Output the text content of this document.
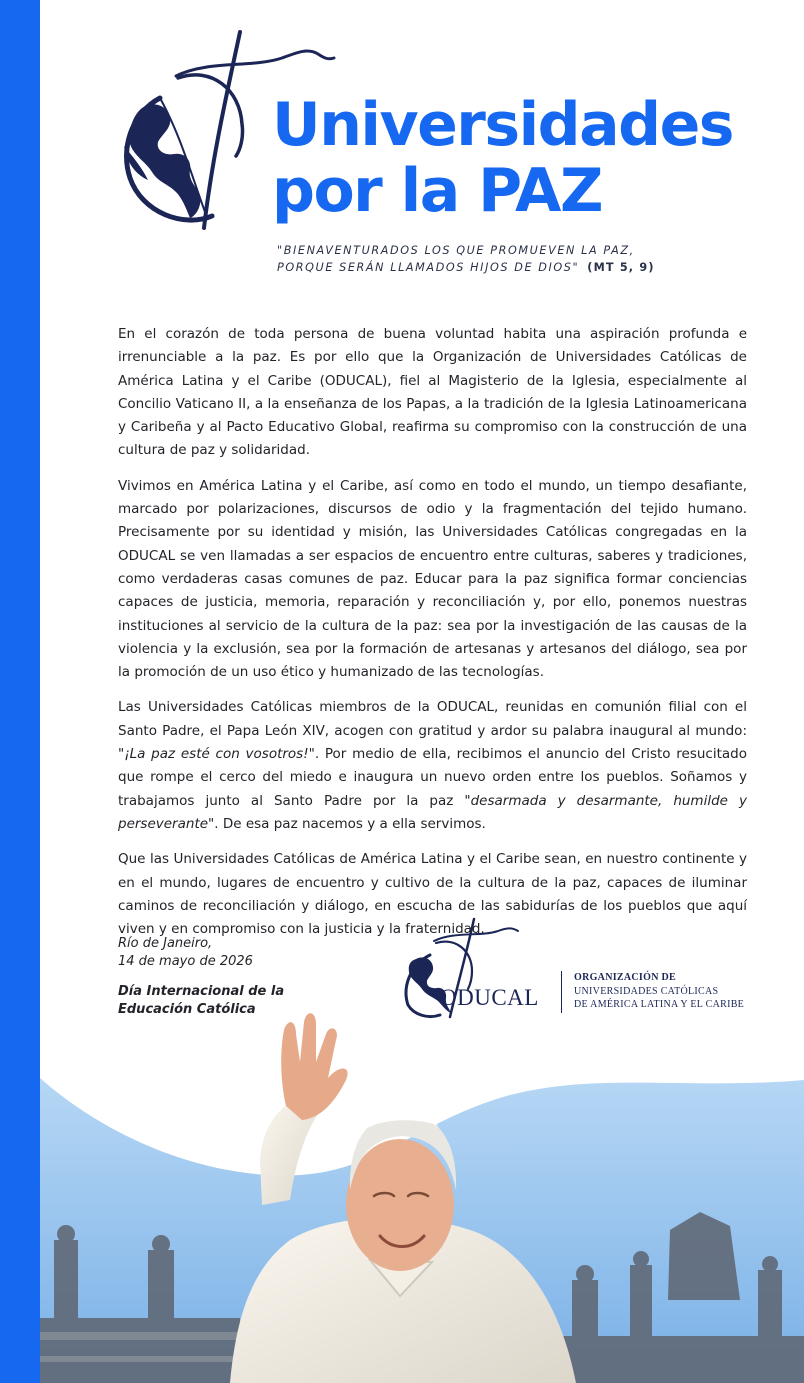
Universidades
por la PAZ
"BIENAVENTURADOS LOS QUE PROMUEVEN LA PAZ,
PORQUE SERÁN LLAMADOS HIJOS DE DIOS" (MT 5, 9)

En el corazón de toda persona de buena voluntad habita una aspiración profunda e irrenunciable a la paz. Es por ello que la Organización de Universidades Católicas de América Latina y el Caribe (ODUCAL), fiel al Magisterio de la Iglesia, especialmente al Concilio Vaticano II, a la enseñanza de los Papas, a la tradición de la Iglesia Latinoamericana y Caribeña y al Pacto Educativo Global, reafirma su compromiso con la construcción de una cultura de paz y solidaridad.

Vivimos en América Latina y el Caribe, así como en todo el mundo, un tiempo desafiante, marcado por polarizaciones, discursos de odio y la fragmentación del tejido humano. Precisamente por su identidad y misión, las Universidades Católicas congregadas en la ODUCAL se ven llamadas a ser espacios de encuentro entre culturas, saberes y tradiciones, como verdaderas casas comunes de paz. Educar para la paz significa formar conciencias capaces de justicia, memoria, reparación y reconciliación y, por ello, ponemos nuestras instituciones al servicio de la cultura de la paz: sea por la investigación de las causas de la violencia y la exclusión, sea por la formación de artesanas y artesanos del diálogo, sea por la promoción de un uso ético y humanizado de las tecnologías.

Las Universidades Católicas miembros de la ODUCAL, reunidas en comunión filial con el Santo Padre, el Papa León XIV, acogen con gratitud y ardor su palabra inaugural al mundo: "¡La paz esté con vosotros!". Por medio de ella, recibimos el anuncio del Cristo resucitado que rompe el cerco del miedo e inaugura un nuevo orden entre los pueblos. Soñamos y trabajamos junto al Santo Padre por la paz "desarmada y desarmante, humilde y perseverante". De esa paz nacemos y a ella servimos.

Que las Universidades Católicas de América Latina y el Caribe sean, en nuestro continente y en el mundo, lugares de encuentro y cultivo de la cultura de la paz, capaces de iluminar caminos de reconciliación y diálogo, en escucha de las sabidurías de los pueblos que aquí viven y en compromiso con la justicia y la fraternidad.

Río de Janeiro,
14 de mayo de 2026
Día Internacional de la
Educación Católica	ODUCAL
ORGANIZACIÓN DE
UNIVERSIDADES CATÓLICAS
DE AMÉRICA LATINA Y EL CARIBE
